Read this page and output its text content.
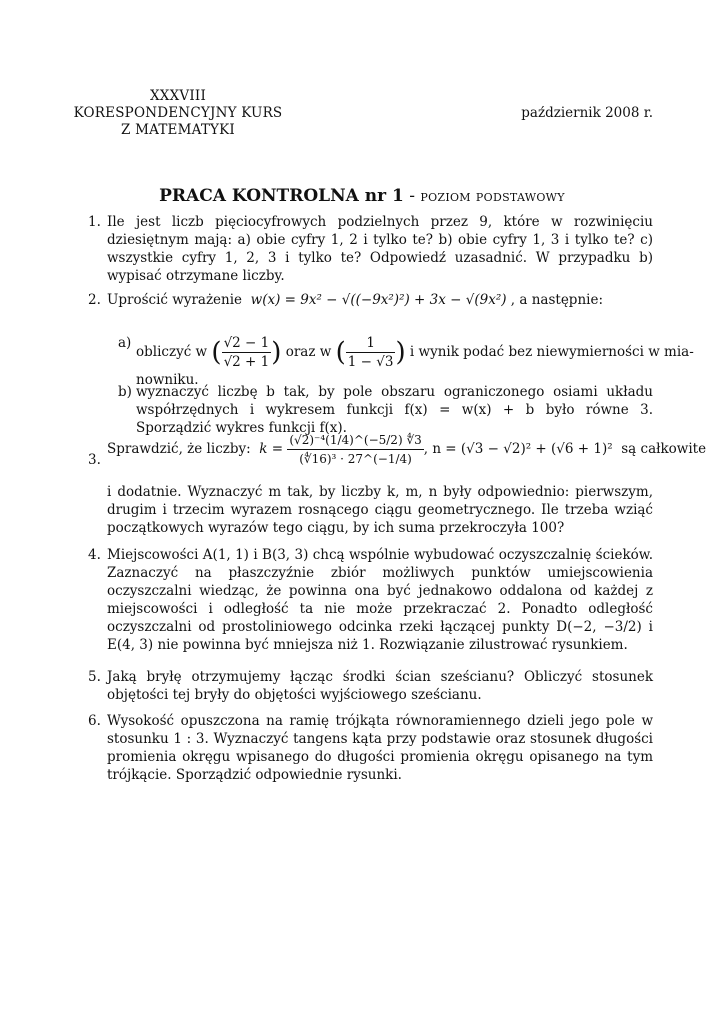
XXXVIII
KORESPONDENCYJNY KURS
Z MATEMATYKI
październik 2008 r.
PRACA KONTROLNA nr 1 - poziom podstawowy
1. Ile jest liczb pięciocyfrowych podzielnych przez 9, które w rozwinięciu dziesiętnym mają: a) obie cyfry 1, 2 i tylko te? b) obie cyfry 1, 3 i tylko te? c) wszystkie cyfry 1, 2, 3 i tylko te? Odpowiedź uzasadnić. W przypadku b) wypisać otrzymane liczby.
2. Uprościć wyrażenie w(x) = 9x² − √((−9x²)²) + 3x − √(9x²) , a następnie:
a)
obliczyć w ( $\frac{√2 - 1}{√2 + 1}$ ) oraz w ( $\frac{1}{1 - √3}$ ) i wynik podać bez niewymierności w mia-
nowniku.
b) wyznaczyć liczbę b tak, by pole obszaru ograniczonego osiami układu współrzędnych i wykresem funkcji f(x) = w(x) + b było równe 3. Sporządzić wykres funkcji f(x).
3.
Sprawdzić, że liczby: $k = \frac{\text{(√2)⁻⁴(1/4)\textasciicircum{}(−5/2) ∜3}}{\text{(∜16)³ · 27\textasciicircum{}(−1/4)}}$ , n = (√3 − √2)² + (√6 + 1)² są całkowite
i dodatnie. Wyznaczyć m tak, by liczby k, m, n były odpowiednio: pierwszym, drugim i trzecim wyrazem rosnącego ciągu geometrycznego. Ile trzeba wziąć początkowych wyrazów tego ciągu, by ich suma przekroczyła 100?
4. Miejscowości A(1, 1) i B(3, 3) chcą wspólnie wybudować oczyszczalnię ścieków. Zaznaczyć na płaszczyźnie zbiór możliwych punktów umiejscowienia oczyszczalni wiedząc, że powinna ona być jednakowo oddalona od każdej z miejscowości i odległość ta nie może przekraczać 2. Ponadto odległość oczyszczalni od prostoliniowego odcinka rzeki łączącej punkty D(−2, −3/2) i E(4, 3) nie powinna być mniejsza niż 1. Rozwiązanie zilustrować rysunkiem.
5. Jaką bryłę otrzymujemy łącząc środki ścian sześcianu? Obliczyć stosunek objętości tej bryły do objętości wyjściowego sześcianu.
6. Wysokość opuszczona na ramię trójkąta równoramiennego dzieli jego pole w stosunku 1 : 3. Wyznaczyć tangens kąta przy podstawie oraz stosunek długości promienia okręgu wpisanego do długości promienia okręgu opisanego na tym trójkącie. Sporządzić odpowiednie rysunki.
